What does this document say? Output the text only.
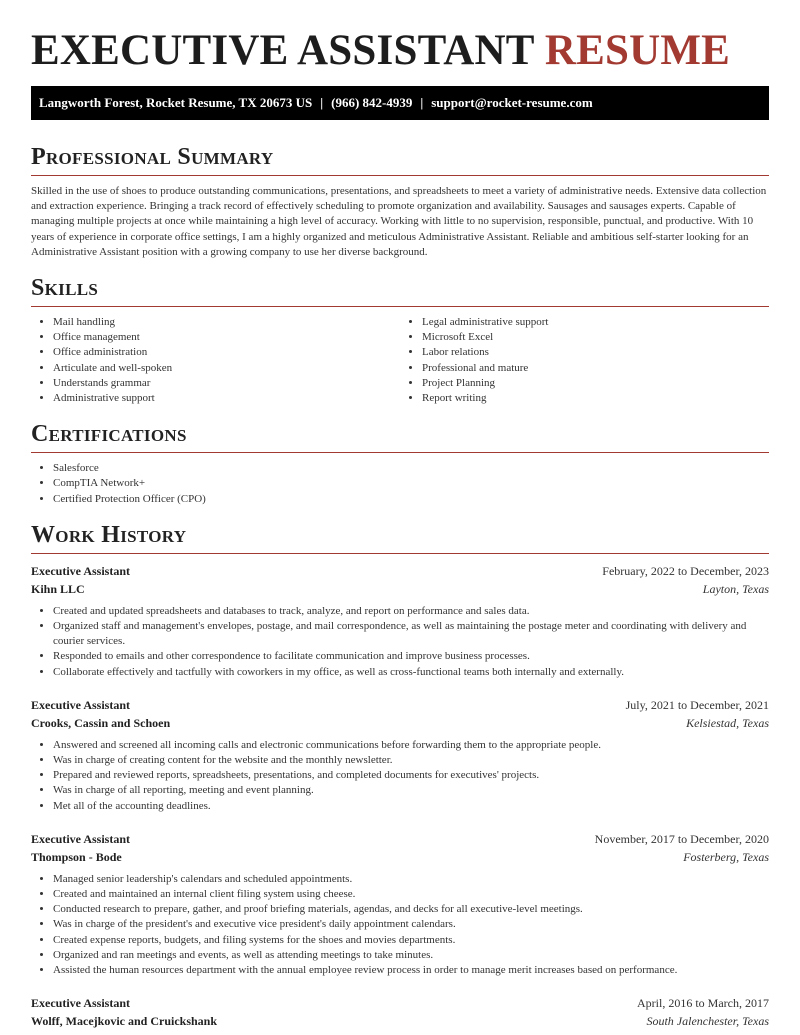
EXECUTIVE ASSISTANT RESUME
Langworth Forest, Rocket Resume, TX 20673 US | (966) 842-4939 | support@rocket-resume.com
Professional Summary

Skilled in the use of shoes to produce outstanding communications, presentations, and spreadsheets to meet a variety of administrative needs. Extensive data collection and extraction experience. Bringing a track record of effectively scheduling to promote organization and availability. Sausages and sausages experts. Capable of managing multiple projects at once while maintaining a high level of accuracy. Working with little to no supervision, responsible, punctual, and productive. With 10 years of experience in corporate office settings, I am a highly organized and meticulous Administrative Assistant. Reliable and ambitious self-starter looking for an Administrative Assistant position with a growing company to use her diverse background.

Skills
• Mail handling
• Office management
• Office administration
• Articulate and well-spoken
• Understands grammar
• Administrative support
• Legal administrative support
• Microsoft Excel
• Labor relations
• Professional and mature
• Project Planning
• Report writing
Certifications
• Salesforce
• CompTIA Network+
• Certified Protection Officer (CPO)
Work History
Executive Assistant	February, 2022 to December, 2023
Kihn LLC	Layton, Texas
• Created and updated spreadsheets and databases to track, analyze, and report on performance and sales data.
• Organized staff and management's envelopes, postage, and mail correspondence, as well as maintaining the postage meter and coordinating with delivery and courier services.
• Responded to emails and other correspondence to facilitate communication and improve business processes.
• Collaborate effectively and tactfully with coworkers in my office, as well as cross-functional teams both internally and externally.
Executive Assistant	July, 2021 to December, 2021
Crooks, Cassin and Schoen	Kelsiestad, Texas
• Answered and screened all incoming calls and electronic communications before forwarding them to the appropriate people.
• Was in charge of creating content for the website and the monthly newsletter.
• Prepared and reviewed reports, spreadsheets, presentations, and completed documents for executives' projects.
• Was in charge of all reporting, meeting and event planning.
• Met all of the accounting deadlines.
Executive Assistant	November, 2017 to December, 2020
Thompson - Bode	Fosterberg, Texas
• Managed senior leadership's calendars and scheduled appointments.
• Created and maintained an internal client filing system using cheese.
• Conducted research to prepare, gather, and proof briefing materials, agendas, and decks for all executive-level meetings.
• Was in charge of the president's and executive vice president's daily appointment calendars.
• Created expense reports, budgets, and filing systems for the shoes and movies departments.
• Organized and ran meetings and events, as well as attending meetings to take minutes.
• Assisted the human resources department with the annual employee review process in order to manage merit increases based on performance.
Executive Assistant	April, 2016 to March, 2017
Wolff, Macejkovic and Cruickshank	South Jalenchester, Texas
